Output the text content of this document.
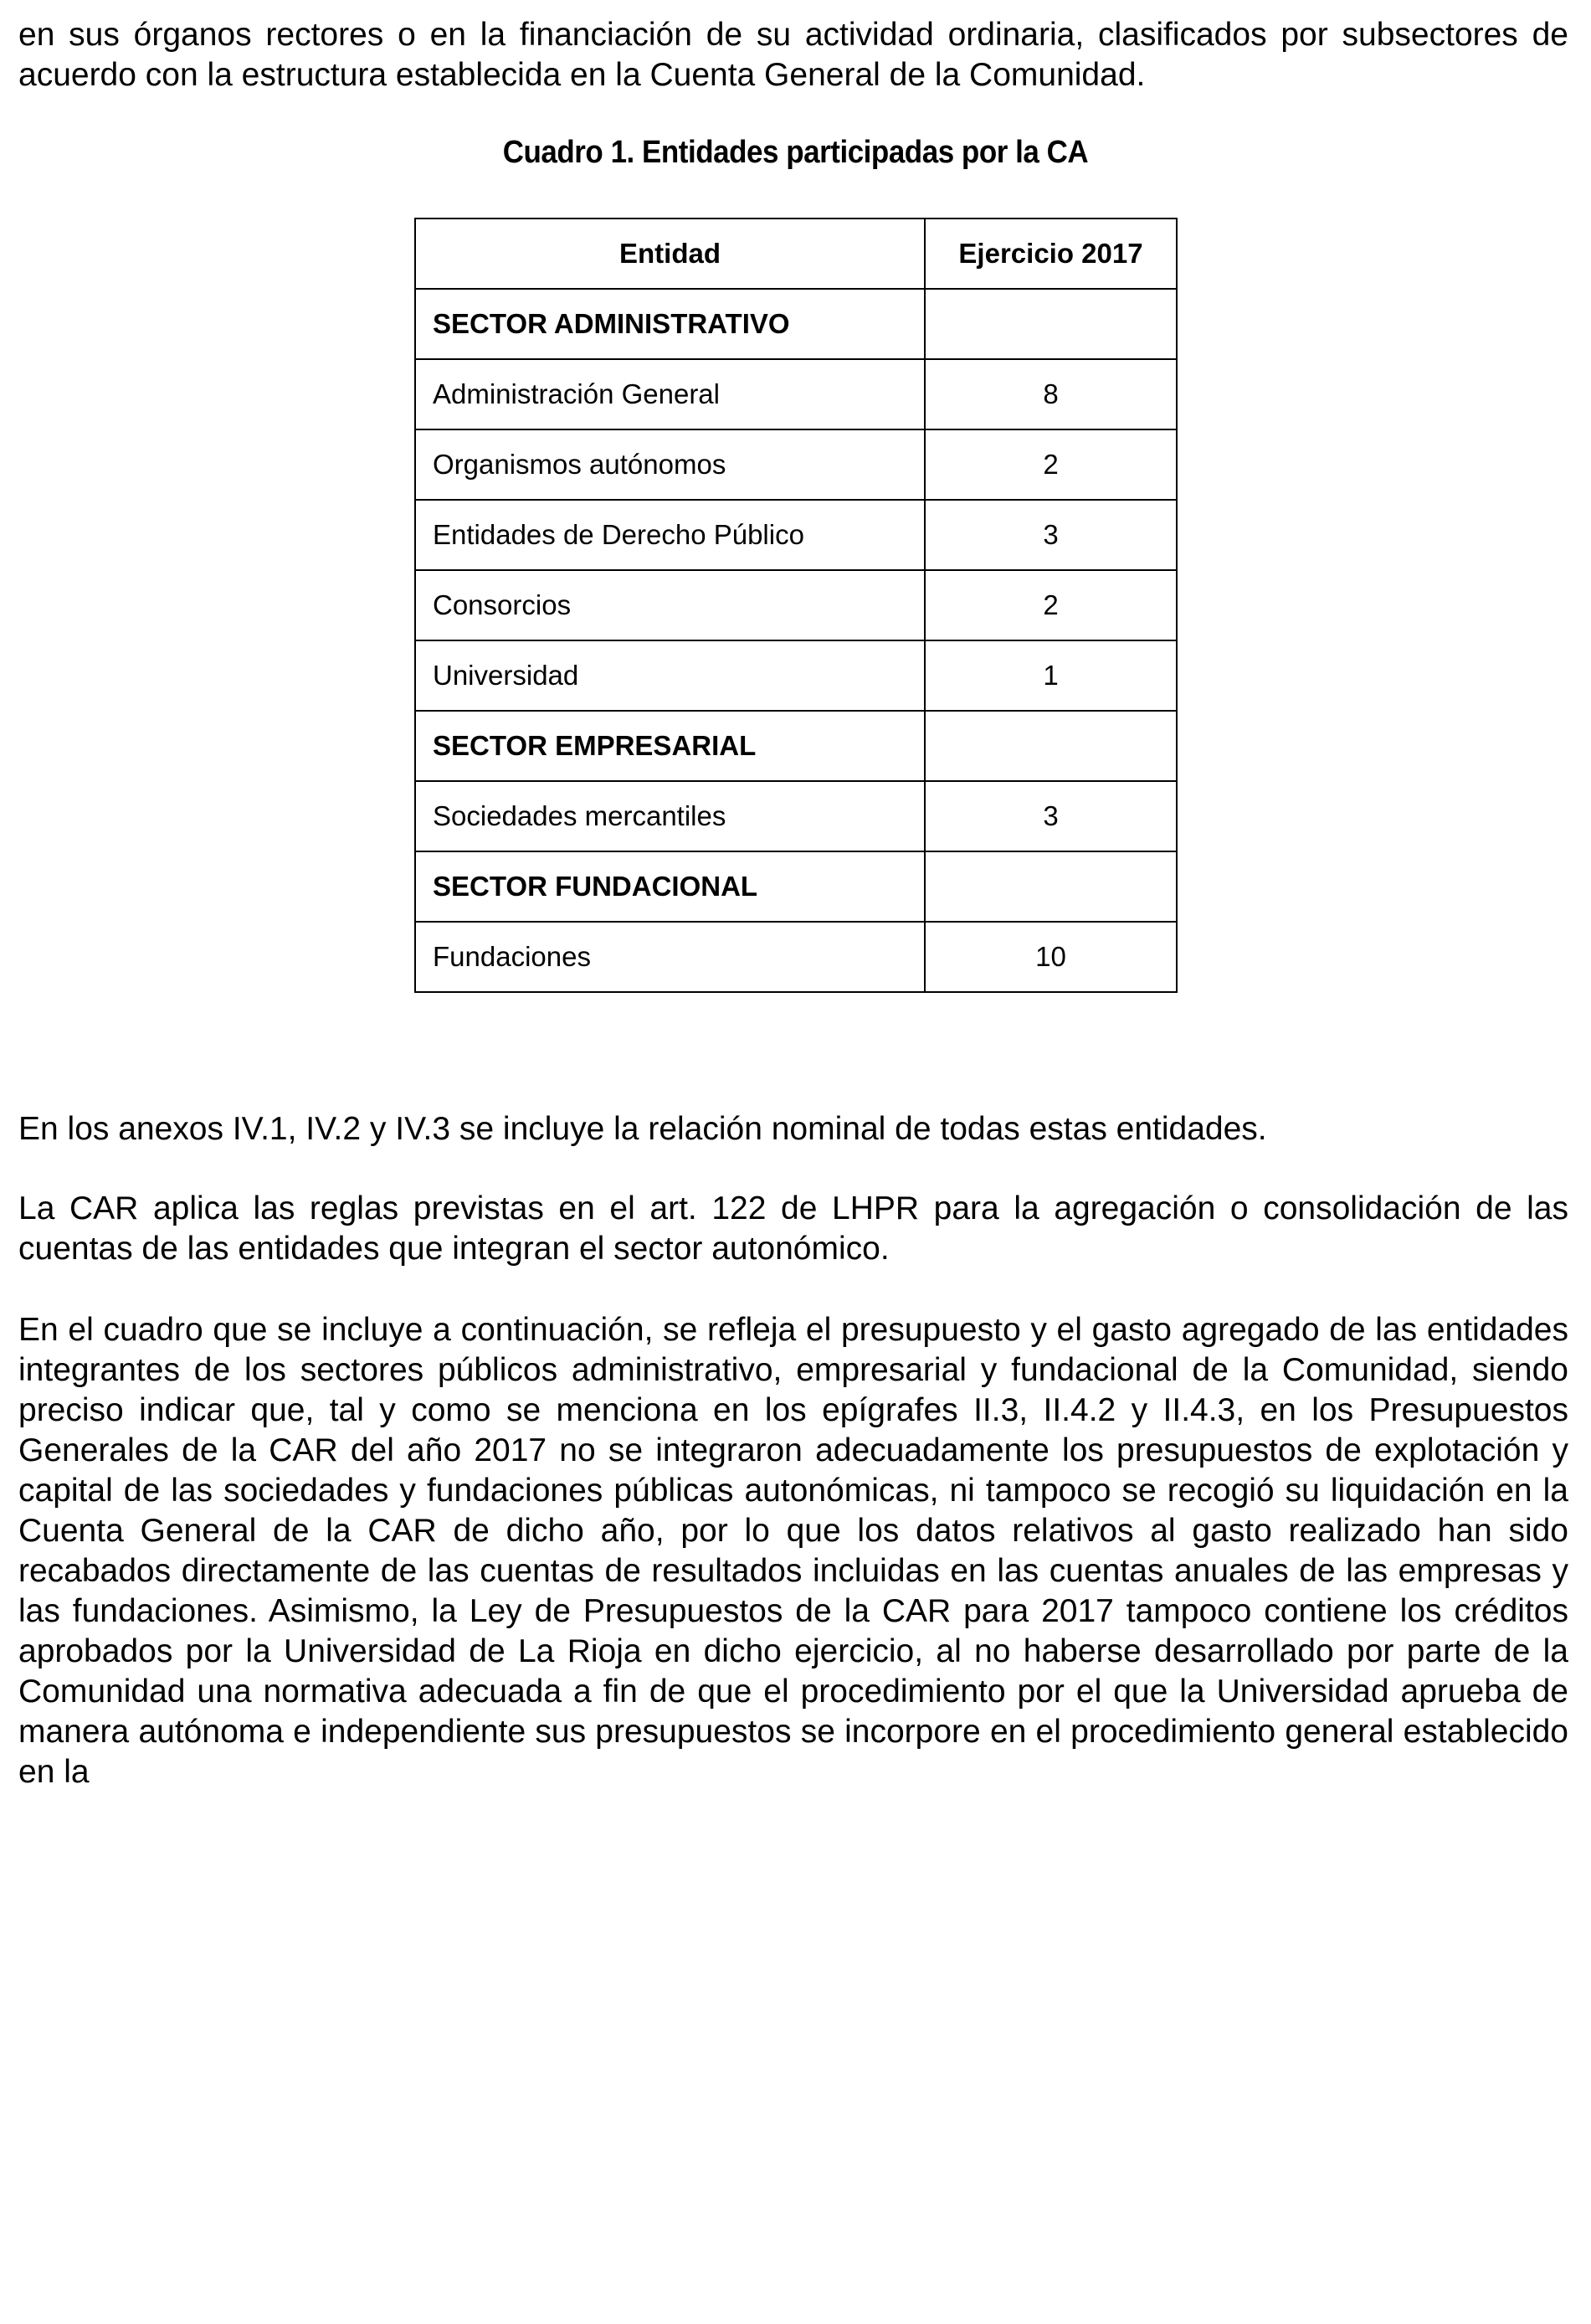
en sus órganos rectores o en la financiación de su actividad ordinaria, clasificados por subsectores de acuerdo con la estructura establecida en la Cuenta General de la Comunidad.

Cuadro 1. Entidades participadas por la CA
Entidad	Ejercicio 2017
SECTOR ADMINISTRATIVO	
Administración General	8
Organismos autónomos	2
Entidades de Derecho Público	3
Consorcios	2
Universidad	1
SECTOR EMPRESARIAL	
Sociedades mercantiles	3
SECTOR FUNDACIONAL	
Fundaciones	10

En los anexos IV.1, IV.2 y IV.3 se incluye la relación nominal de todas estas entidades.

La CAR aplica las reglas previstas en el art. 122 de LHPR para la agregación o consolidación de las cuentas de las entidades que integran el sector autonómico.

En el cuadro que se incluye a continuación, se refleja el presupuesto y el gasto agregado de las entidades integrantes de los sectores públicos administrativo, empresarial y fundacional de la Comunidad, siendo preciso indicar que, tal y como se menciona en los epígrafes II.3, II.4.2 y II.4.3, en los Presupuestos Generales de la CAR del año 2017 no se integraron adecuadamente los presupuestos de explotación y capital de las sociedades y fundaciones públicas autonómicas, ni tampoco se recogió su liquidación en la Cuenta General de la CAR de dicho año, por lo que los datos relativos al gasto realizado han sido recabados directamente de las cuentas de resultados incluidas en las cuentas anuales de las empresas y las fundaciones. Asimismo, la Ley de Presupuestos de la CAR para 2017 tampoco contiene los créditos aprobados por la Universidad de La Rioja en dicho ejercicio, al no haberse desarrollado por parte de la Comunidad una normativa adecuada a fin de que el procedimiento por el que la Universidad aprueba de manera autónoma e independiente sus presupuestos se incorpore en el procedimiento general establecido en la
